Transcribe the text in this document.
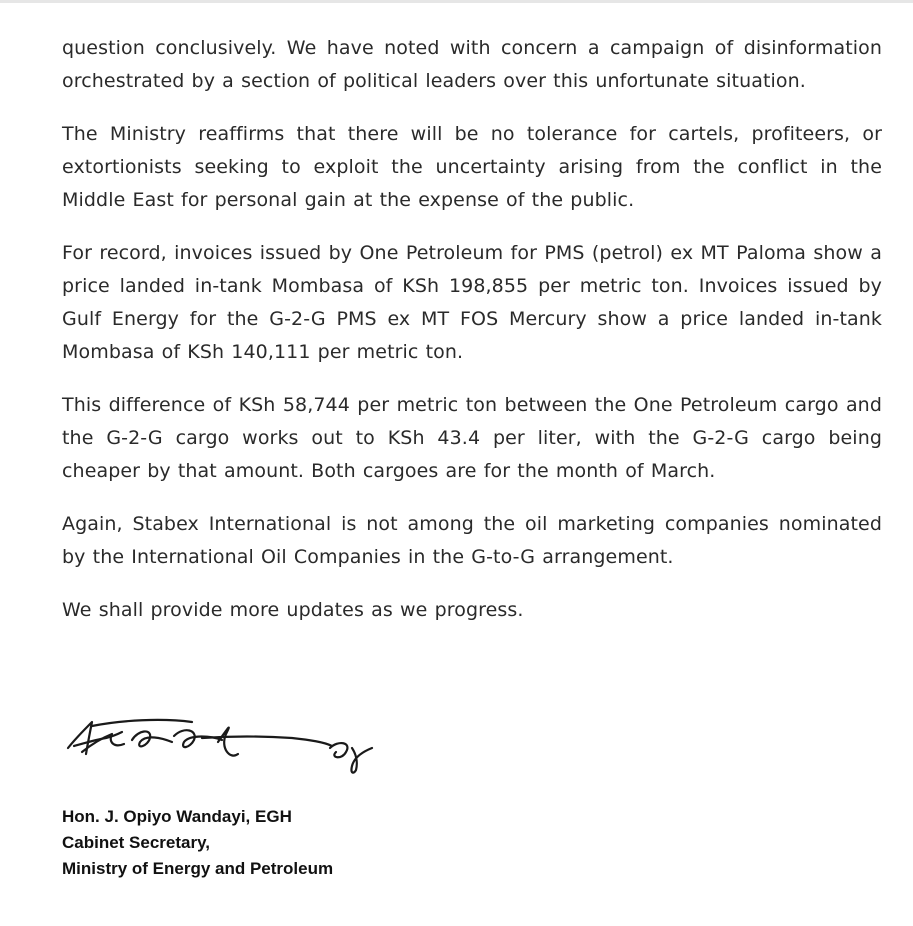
question conclusively. We have noted with concern a campaign of disinformation orchestrated by a section of political leaders over this unfortunate situation.

The Ministry reaffirms that there will be no tolerance for cartels, profiteers, or extortionists seeking to exploit the uncertainty arising from the conflict in the Middle East for personal gain at the expense of the public.

For record, invoices issued by One Petroleum for PMS (petrol) ex MT Paloma show a price landed in-tank Mombasa of KSh 198,855 per metric ton. Invoices issued by Gulf Energy for the G-2-G PMS ex MT FOS Mercury show a price landed in-tank Mombasa of KSh 140,111 per metric ton.

This difference of KSh 58,744 per metric ton between the One Petroleum cargo and the G-2-G cargo works out to KSh 43.4 per liter, with the G-2-G cargo being cheaper by that amount. Both cargoes are for the month of March.

Again, Stabex International is not among the oil marketing companies nominated by the International Oil Companies in the G-to-G arrangement.

We shall provide more updates as we progress.

Hon. J. Opiyo Wandayi, EGH
Cabinet Secretary,
Ministry of Energy and Petroleum
